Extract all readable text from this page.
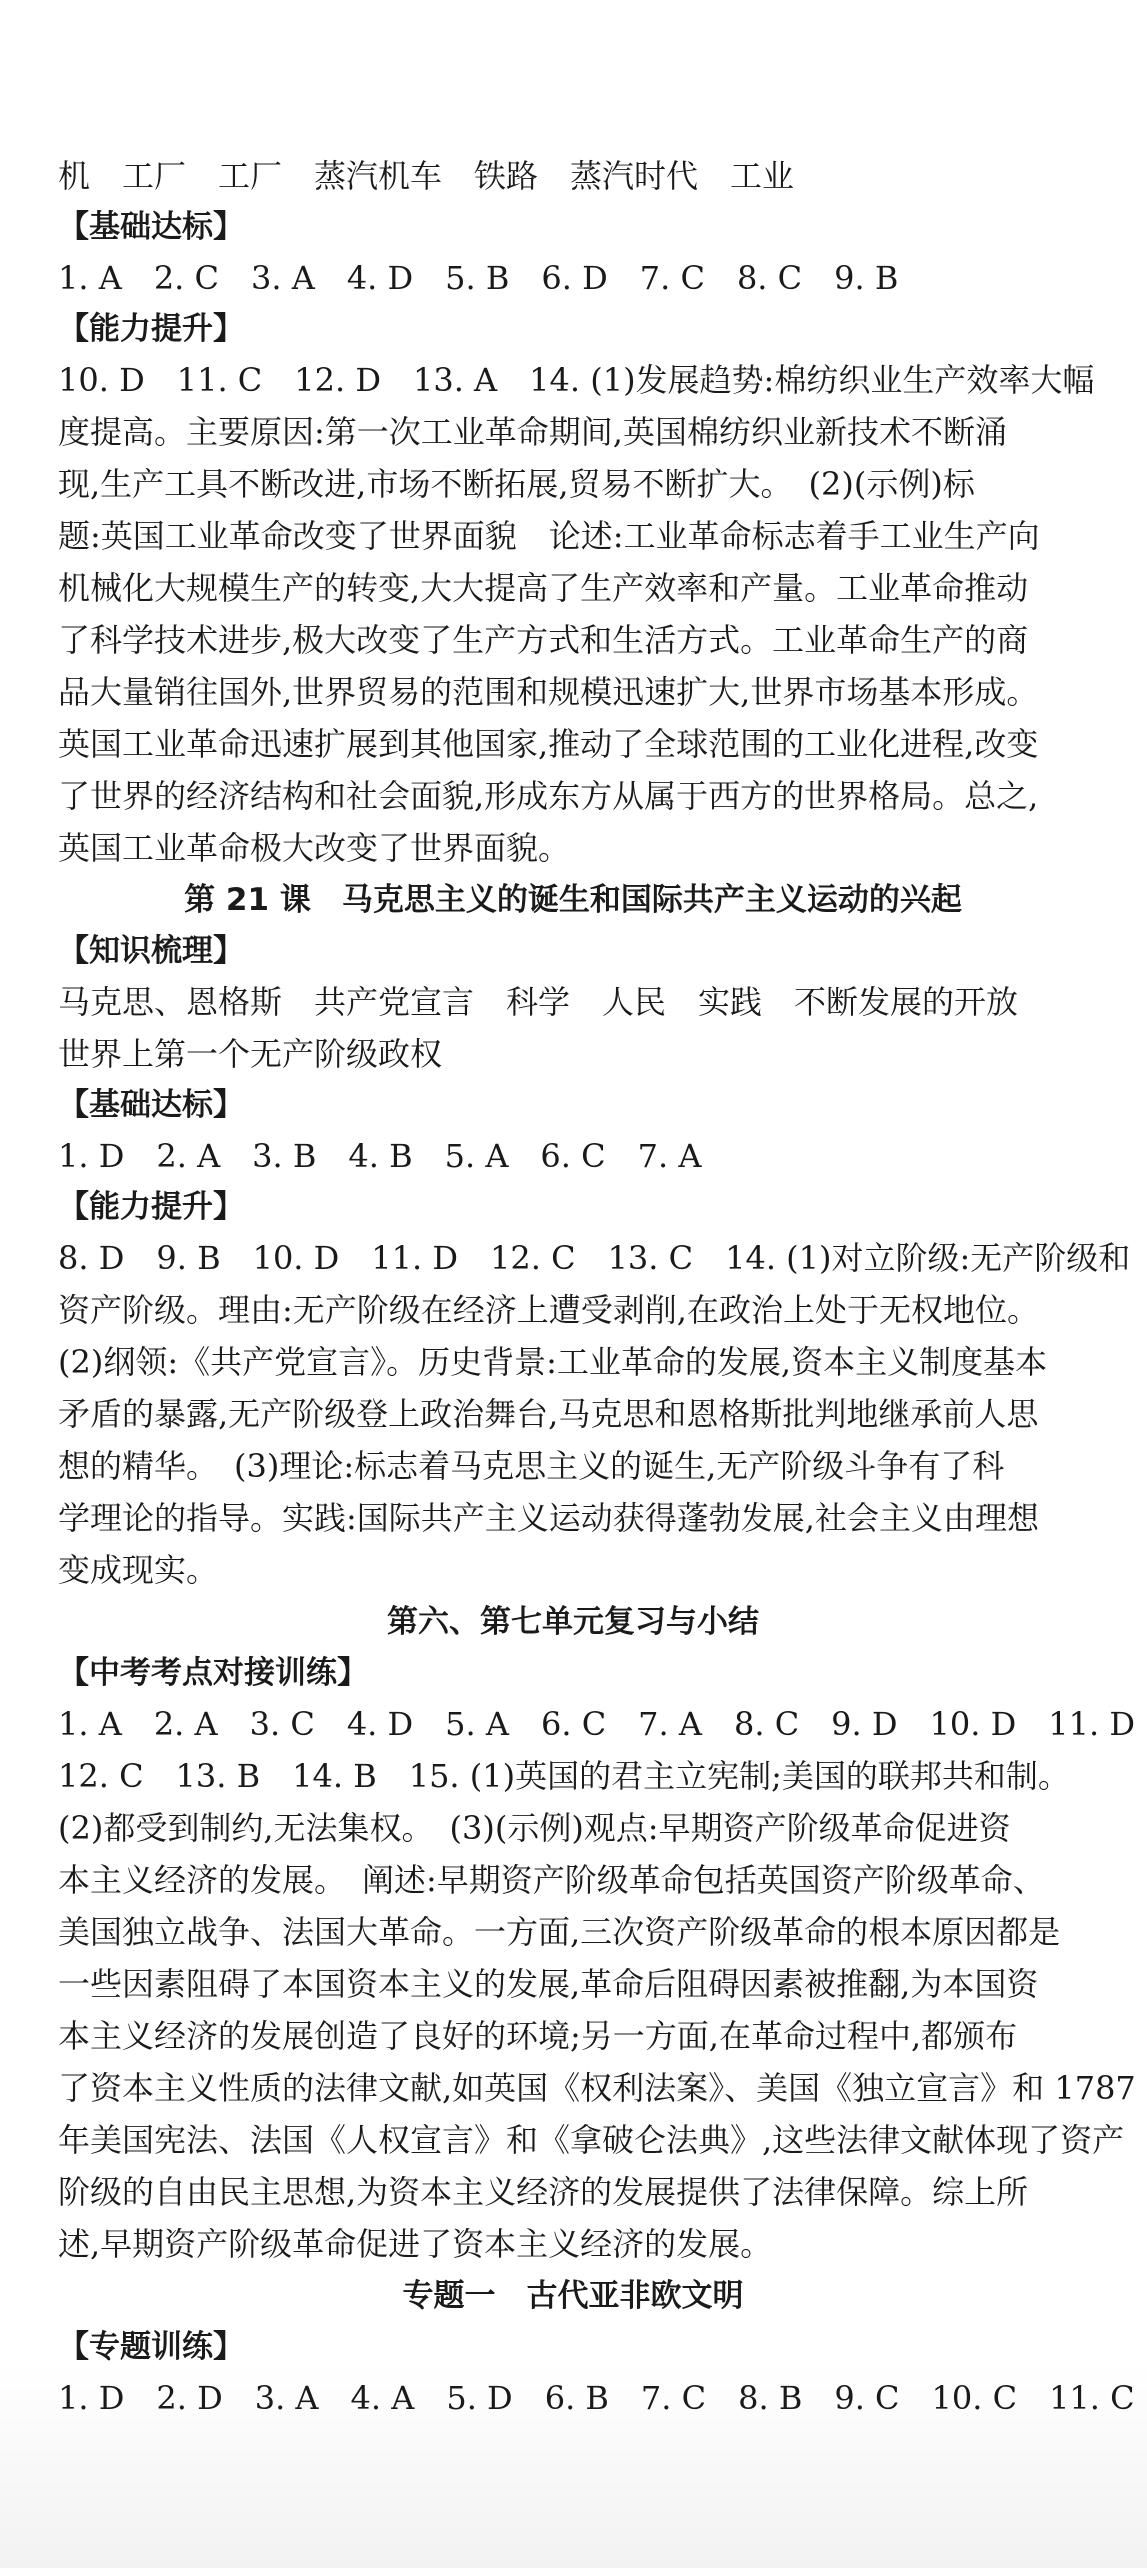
机　工厂　工厂　蒸汽机车　铁路　蒸汽时代　工业
【基础达标】
1. A　2. C　3. A　4. D　5. B　6. D　7. C　8. C　9. B
【能力提升】
10. D　11. C　12. D　13. A　14. (1)发展趋势:棉纺织业生产效率大幅
度提高。主要原因:第一次工业革命期间,英国棉纺织业新技术不断涌
现,生产工具不断改进,市场不断拓展,贸易不断扩大。　(2)(示例)标
题:英国工业革命改变了世界面貌　论述:工业革命标志着手工业生产向
机械化大规模生产的转变,大大提高了生产效率和产量。工业革命推动
了科学技术进步,极大改变了生产方式和生活方式。工业革命生产的商
品大量销往国外,世界贸易的范围和规模迅速扩大,世界市场基本形成。
英国工业革命迅速扩展到其他国家,推动了全球范围的工业化进程,改变
了世界的经济结构和社会面貌,形成东方从属于西方的世界格局。总之,
英国工业革命极大改变了世界面貌。
第 21 课　马克思主义的诞生和国际共产主义运动的兴起
【知识梳理】
马克思、恩格斯　共产党宣言　科学　人民　实践　不断发展的开放
世界上第一个无产阶级政权
【基础达标】
1. D　2. A　3. B　4. B　5. A　6. C　7. A
【能力提升】
8. D　9. B　10. D　11. D　12. C　13. C　14. (1)对立阶级:无产阶级和
资产阶级。理由:无产阶级在经济上遭受剥削,在政治上处于无权地位。
(2)纲领:《共产党宣言》。历史背景:工业革命的发展,资本主义制度基本
矛盾的暴露,无产阶级登上政治舞台,马克思和恩格斯批判地继承前人思
想的精华。　(3)理论:标志着马克思主义的诞生,无产阶级斗争有了科
学理论的指导。实践:国际共产主义运动获得蓬勃发展,社会主义由理想
变成现实。
第六、第七单元复习与小结
【中考考点对接训练】
1. A　2. A　3. C　4. D　5. A　6. C　7. A　8. C　9. D　10. D　11. D
12. C　13. B　14. B　15. (1)英国的君主立宪制;美国的联邦共和制。
(2)都受到制约,无法集权。　(3)(示例)观点:早期资产阶级革命促进资
本主义经济的发展。　阐述:早期资产阶级革命包括英国资产阶级革命、
美国独立战争、法国大革命。一方面,三次资产阶级革命的根本原因都是
一些因素阻碍了本国资本主义的发展,革命后阻碍因素被推翻,为本国资
本主义经济的发展创造了良好的环境;另一方面,在革命过程中,都颁布
了资本主义性质的法律文献,如英国《权利法案》、美国《独立宣言》和 1787
年美国宪法、法国《人权宣言》和《拿破仑法典》,这些法律文献体现了资产
阶级的自由民主思想,为资本主义经济的发展提供了法律保障。综上所
述,早期资产阶级革命促进了资本主义经济的发展。
专题一　古代亚非欧文明
【专题训练】
1. D　2. D　3. A　4. A　5. D　6. B　7. C　8. B　9. C　10. C　11. C
